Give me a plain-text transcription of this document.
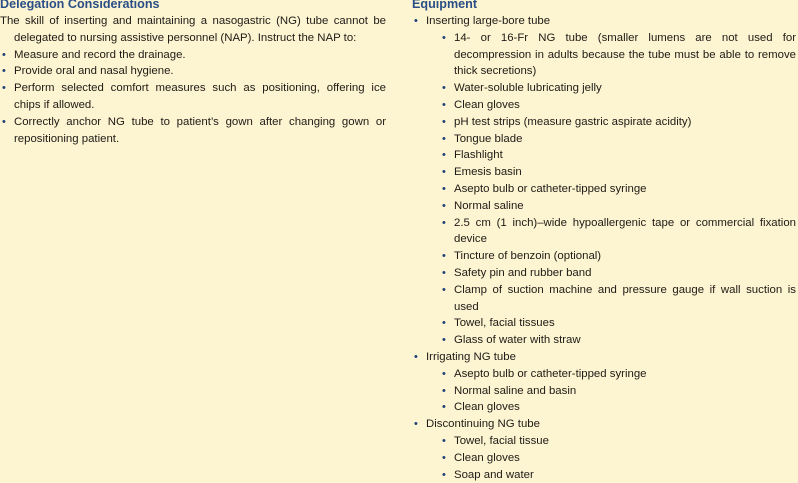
Delegation Considerations

The skill of inserting and maintaining a nasogastric (NG) tube cannot be delegated to nursing assistive personnel (NAP). Instruct the NAP to:

• Measure and record the drainage.
• Provide oral and nasal hygiene.
• Perform selected comfort measures such as positioning, offering ice chips if allowed.
• Correctly anchor NG tube to patient’s gown after changing gown or repositioning patient.
Equipment
• Inserting large-bore tube
• 14- or 16-Fr NG tube (smaller lumens are not used for decompression in adults because the tube must be able to remove thick secretions)
• Water-soluble lubricating jelly
• Clean gloves
• pH test strips (measure gastric aspirate acidity)
• Tongue blade
• Flashlight
• Emesis basin
• Asepto bulb or catheter-tipped syringe
• Normal saline
• 2.5 cm (1 inch)–wide hypoallergenic tape or commercial fixation device
• Tincture of benzoin (optional)
• Safety pin and rubber band
• Clamp of suction machine and pressure gauge if wall suction is used
• Towel, facial tissues
• Glass of water with straw
• Irrigating NG tube
• Asepto bulb or catheter-tipped syringe
• Normal saline and basin
• Clean gloves
• Discontinuing NG tube
• Towel, facial tissue
• Clean gloves
• Soap and water
